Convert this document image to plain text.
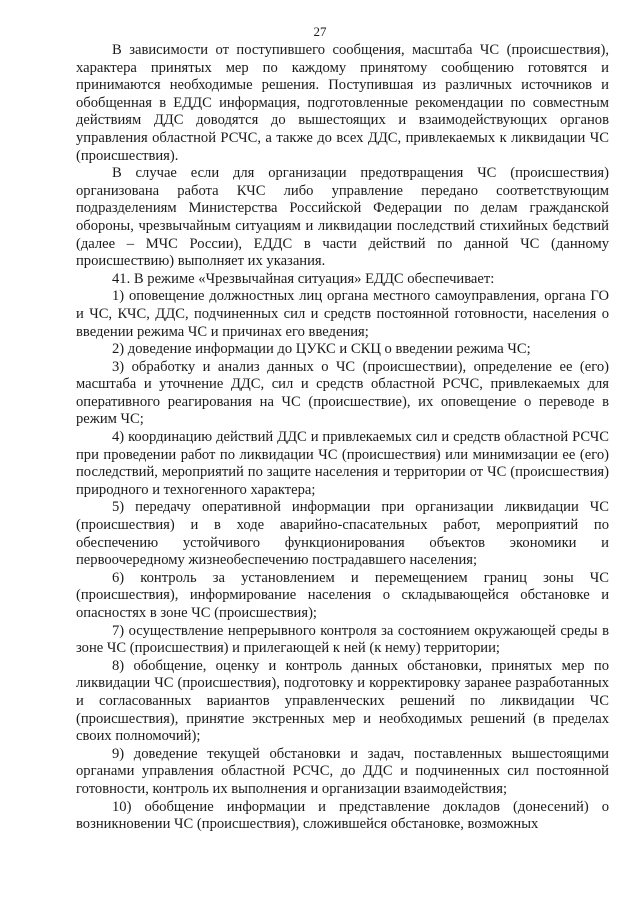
27

В зависимости от поступившего сообщения, масштаба ЧС (происшествия), характера принятых мер по каждому принятому сообщению готовятся и принимаются необходимые решения. Поступившая из различных источников и обобщенная в ЕДДС информация, подготовленные рекомендации по совместным действиям ДДС доводятся до вышестоящих и взаимодействующих органов управления областной РСЧС, а также до всех ДДС, привлекаемых к ликвидации ЧС (происшествия).

В случае если для организации предотвращения ЧС (происшествия) организована работа КЧС либо управление передано соответствующим подразделениям Министерства Российской Федерации по делам гражданской обороны, чрезвычайным ситуациям и ликвидации последствий стихийных бедствий (далее – МЧС России), ЕДДС в части действий по данной ЧС (данному происшествию) выполняет их указания.

41. В режиме «Чрезвычайная ситуация» ЕДДС обеспечивает:

1) оповещение должностных лиц органа местного самоуправления, органа ГО и ЧС, КЧС, ДДС, подчиненных сил и средств постоянной готовности, населения о введении режима ЧС и причинах его введения;

2) доведение информации до ЦУКС и СКЦ о введении режима ЧС;

3) обработку и анализ данных о ЧС (происшествии), определение ее (его) масштаба и уточнение ДДС, сил и средств областной РСЧС, привлекаемых для оперативного реагирования на ЧС (происшествие), их оповещение о переводе в режим ЧС;

4) координацию действий ДДС и привлекаемых сил и средств областной РСЧС при проведении работ по ликвидации ЧС (происшествия) или минимизации ее (его) последствий, мероприятий по защите населения и территории от ЧС (происшествия) природного и техногенного характера;

5) передачу оперативной информации при организации ликвидации ЧС (происшествия) и в ходе аварийно-спасательных работ, мероприятий по обеспечению устойчивого функционирования объектов экономики и первоочередному жизнеобеспечению пострадавшего населения;

6) контроль за установлением и перемещением границ зоны ЧС (происшествия), информирование населения о складывающейся обстановке и опасностях в зоне ЧС (происшествия);

7) осуществление непрерывного контроля за состоянием окружающей среды в зоне ЧС (происшествия) и прилегающей к ней (к нему) территории;

8) обобщение, оценку и контроль данных обстановки, принятых мер по ликвидации ЧС (происшествия), подготовку и корректировку заранее разработанных и согласованных вариантов управленческих решений по ликвидации ЧС (происшествия), принятие экстренных мер и необходимых решений (в пределах своих полномочий);

9) доведение текущей обстановки и задач, поставленных вышестоящими органами управления областной РСЧС, до ДДС и подчиненных сил постоянной готовности, контроль их выполнения и организации взаимодействия;

10) обобщение информации и представление докладов (донесений) о возникновении ЧС (происшествия), сложившейся обстановке, возможных
